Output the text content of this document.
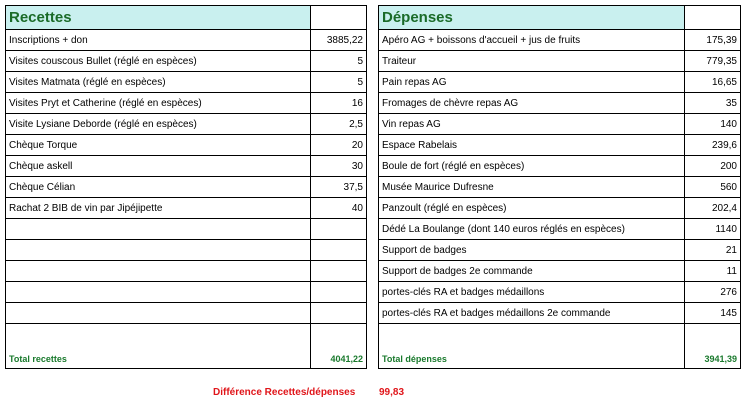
Recettes	
Inscriptions + don	3885,22
Visites couscous Bullet (réglé en espèces)	5
Visites Matmata (réglé en espèces)	5
Visites Pryt et Catherine (réglé en espèces)	16
Visite Lysiane Deborde (réglé en espèces)	2,5
Chèque Torque	20
Chèque askell	30
Chèque Célian	37,5
Rachat 2 BIB de vin par Jipéjipette	40

Total recettes	4041,22
Dépenses	
Apéro AG + boissons d'accueil + jus de fruits	175,39
Traiteur	779,35
Pain repas AG	16,65
Fromages de chèvre repas AG	35
Vin repas AG	140
Espace Rabelais	239,6
Boule de fort (réglé en espèces)	200
Musée Maurice Dufresne	560
Panzoult (réglé en espèces)	202,4
Dédé La Boulange (dont 140 euros réglés en espèces)	1140
Support de badges	21
Support de badges 2e commande	11
portes-clés RA et badges médaillons	276
portes-clés RA et badges médaillons 2e commande	145

Total dépenses	3941,39
Différence Recettes/dépenses 99,83
